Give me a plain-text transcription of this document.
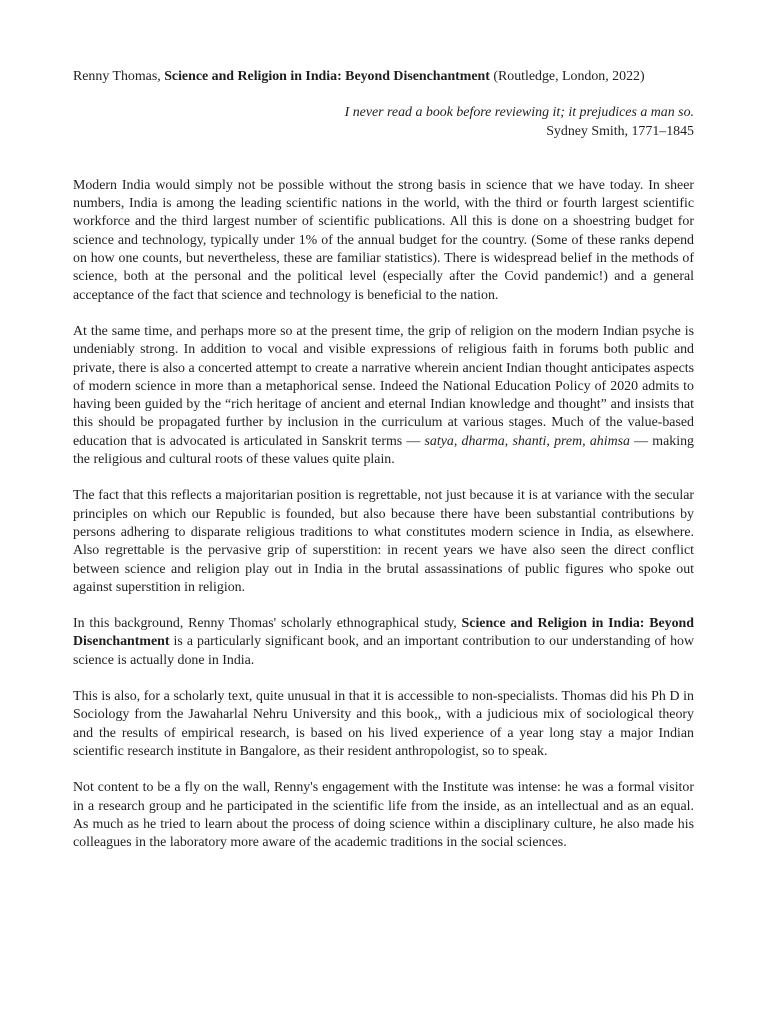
Renny Thomas, Science and Religion in India: Beyond Disenchantment (Routledge, London, 2022)

I never read a book before reviewing it; it prejudices a man so.
Sydney Smith, 1771–1845

Modern India would simply not be possible without the strong basis in science that we have today. In sheer numbers, India is among the leading scientific nations in the world, with the third or fourth largest scientific workforce and the third largest number of scientific publications. All this is done on a shoestring budget for science and technology, typically under 1% of the annual budget for the country. (Some of these ranks depend on how one counts, but nevertheless, these are familiar statistics). There is widespread belief in the methods of science, both at the personal and the political level (especially after the Covid pandemic!) and a general acceptance of the fact that science and technology is beneficial to the nation.

At the same time, and perhaps more so at the present time, the grip of religion on the modern Indian psyche is undeniably strong. In addition to vocal and visible expressions of religious faith in forums both public and private, there is also a concerted attempt to create a narrative wherein ancient Indian thought anticipates aspects of modern science in more than a metaphorical sense. Indeed the National Education Policy of 2020 admits to having been guided by the “rich heritage of ancient and eternal Indian knowledge and thought” and insists that this should be propagated further by inclusion in the curriculum at various stages. Much of the value-based education that is advocated is articulated in Sanskrit terms — satya, dharma, shanti, prem, ahimsa — making the religious and cultural roots of these values quite plain.

The fact that this reflects a majoritarian position is regrettable, not just because it is at variance with the secular principles on which our Republic is founded, but also because there have been substantial contributions by persons adhering to disparate religious traditions to what constitutes modern science in India, as elsewhere. Also regrettable is the pervasive grip of superstition: in recent years we have also seen the direct conflict between science and religion play out in India in the brutal assassinations of public figures who spoke out against superstition in religion.

In this background, Renny Thomas' scholarly ethnographical study, Science and Religion in India: Beyond Disenchantment is a particularly significant book, and an important contribution to our understanding of how science is actually done in India.

This is also, for a scholarly text, quite unusual in that it is accessible to non-specialists. Thomas did his Ph D in Sociology from the Jawaharlal Nehru University and this book,, with a judicious mix of sociological theory and the results of empirical research, is based on his lived experience of a year long stay a major Indian scientific research institute in Bangalore, as their resident anthropologist, so to speak.

Not content to be a fly on the wall, Renny's engagement with the Institute was intense: he was a formal visitor in a research group and he participated in the scientific life from the inside, as an intellectual and as an equal. As much as he tried to learn about the process of doing science within a disciplinary culture, he also made his colleagues in the laboratory more aware of the academic traditions in the social sciences.
